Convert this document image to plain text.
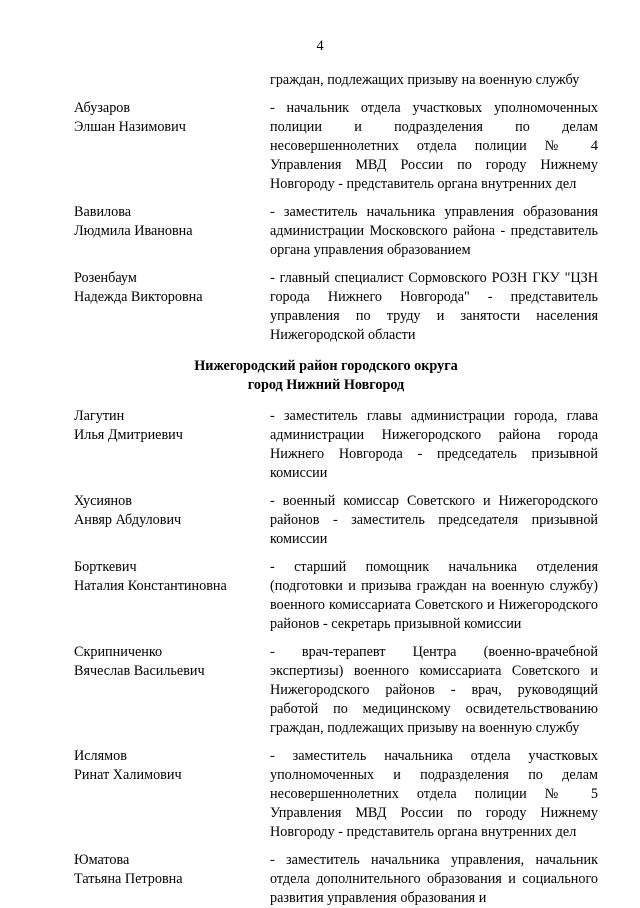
4
граждан, подлежащих призыву на военную службу
Абузаров
Элшан Назимович
- начальник отдела участковых уполномоченных полиции и подразделения по делам несовершеннолетних отдела полиции № 4 Управления МВД России по городу Нижнему Новгороду - представитель органа внутренних дел
Вавилова
Людмила Ивановна
- заместитель начальника управления образования администрации Московского района - представитель органа управления образованием
Розенбаум
Надежда Викторовна
- главный специалист Сормовского РОЗН ГКУ "ЦЗН города Нижнего Новгорода" - представитель управления по труду и занятости населения Нижегородской области
Нижегородский район городского округа
город Нижний Новгород
Лагутин
Илья Дмитриевич
- заместитель главы администрации города, глава администрации Нижегородского района города Нижнего Новгорода - председатель призывной комиссии
Хусиянов
Анвяр Абдулович
- военный комиссар Советского и Нижегородского районов - заместитель председателя призывной комиссии
Борткевич
Наталия Константиновна
- старший помощник начальника отделения (подготовки и призыва граждан на военную службу) военного комиссариата Советского и Нижегородского районов - секретарь призывной комиссии
Скрипниченко
Вячеслав Васильевич
- врач-терапевт Центра (военно-врачебной экспертизы) военного комиссариата Советского и Нижегородского районов - врач, руководящий работой по медицинскому освидетельствованию граждан, подлежащих призыву на военную службу
Ислямов
Ринат Халимович
- заместитель начальника отдела участковых уполномоченных и подразделения по делам несовершеннолетних отдела полиции № 5 Управления МВД России по городу Нижнему Новгороду - представитель органа внутренних дел
Юматова
Татьяна Петровна
- заместитель начальника управления, начальник отдела дополнительного образования и социального развития управления образования и
